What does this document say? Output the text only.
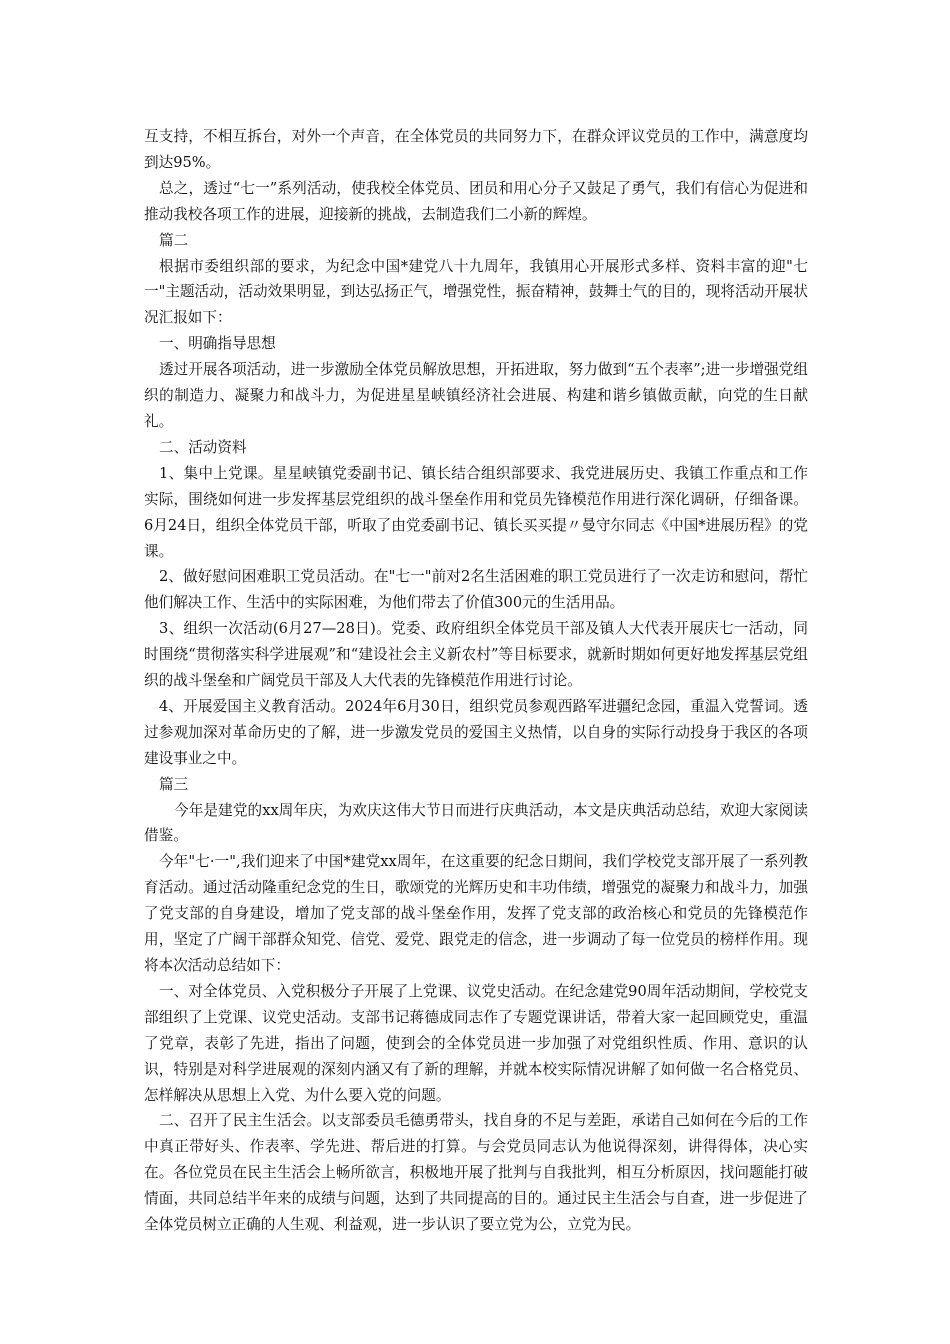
互支持，不相互拆台，对外一个声音，在全体党员的共同努力下，在群众评议党员的工作中，满意度均到达95%。

总之，透过“七一”系列活动，使我校全体党员、团员和用心分子又鼓足了勇气，我们有信心为促进和推动我校各项工作的进展，迎接新的挑战，去制造我们二小新的辉煌。

篇二

根据市委组织部的要求，为纪念中国*建党八十九周年，我镇用心开展形式多样、资料丰富的迎"七一"主题活动，活动效果明显，到达弘扬正气，增强党性，振奋精神，鼓舞士气的目的，现将活动开展状况汇报如下：

一、明确指导思想

透过开展各项活动，进一步激励全体党员解放思想，开拓进取，努力做到“五个表率”;进一步增强党组织的制造力、凝聚力和战斗力，为促进星星峡镇经济社会进展、构建和谐乡镇做贡献，向党的生日献礼。

二、活动资料

1、集中上党课。星星峡镇党委副书记、镇长结合组织部要求、我党进展历史、我镇工作重点和工作实际，围绕如何进一步发挥基层党组织的战斗堡垒作用和党员先锋模范作用进行深化调研，仔细备课。6月24日，组织全体党员干部，听取了由党委副书记、镇长买买提〃曼守尔同志《中国*进展历程》的党课。

2、做好慰问困难职工党员活动。在"七一"前对2名生活困难的职工党员进行了一次走访和慰问，帮忙他们解决工作、生活中的实际困难，为他们带去了价值300元的生活用品。

3、组织一次活动(6月27—28日)。党委、政府组织全体党员干部及镇人大代表开展庆七一活动，同时围绕“贯彻落实科学进展观”和“建设社会主义新农村”等目标要求，就新时期如何更好地发挥基层党组织的战斗堡垒和广阔党员干部及人大代表的先锋模范作用进行讨论。

4、开展爱国主义教育活动。2024年6月30日，组织党员参观西路军进疆纪念园，重温入党誓词。透过参观加深对革命历史的了解，进一步激发党员的爱国主义热情，以自身的实际行动投身于我区的各项建设事业之中。

篇三

今年是建党的xx周年庆，为欢庆这伟大节日而进行庆典活动，本文是庆典活动总结，欢迎大家阅读借鉴。

今年"七·一",我们迎来了中国*建党xx周年，在这重要的纪念日期间，我们学校党支部开展了一系列教育活动。通过活动隆重纪念党的生日，歌颂党的光辉历史和丰功伟绩，增强党的凝聚力和战斗力，加强了党支部的自身建设，增加了党支部的战斗堡垒作用，发挥了党支部的政治核心和党员的先锋模范作用，坚定了广阔干部群众知党、信党、爱党、跟党走的信念，进一步调动了每一位党员的榜样作用。现将本次活动总结如下：

一、对全体党员、入党积极分子开展了上党课、议党史活动。在纪念建党90周年活动期间，学校党支部组织了上党课、议党史活动。支部书记蒋德成同志作了专题党课讲话，带着大家一起回顾党史，重温了党章，表彰了先进，指出了问题，使到会的全体党员进一步加强了对党组织性质、作用、意识的认识，特别是对科学进展观的深刻内涵又有了新的理解，并就本校实际情况讲解了如何做一名合格党员、怎样解决从思想上入党、为什么要入党的问题。

二、召开了民主生活会。以支部委员毛德勇带头，找自身的不足与差距，承诺自己如何在今后的工作中真正带好头、作表率、学先进、帮后进的打算。与会党员同志认为他说得深刻，讲得得体，决心实在。各位党员在民主生活会上畅所欲言，积极地开展了批判与自我批判，相互分析原因，找问题能打破情面，共同总结半年来的成绩与问题，达到了共同提高的目的。通过民主生活会与自查，进一步促进了全体党员树立正确的人生观、利益观，进一步认识了要立党为公，立党为民。
